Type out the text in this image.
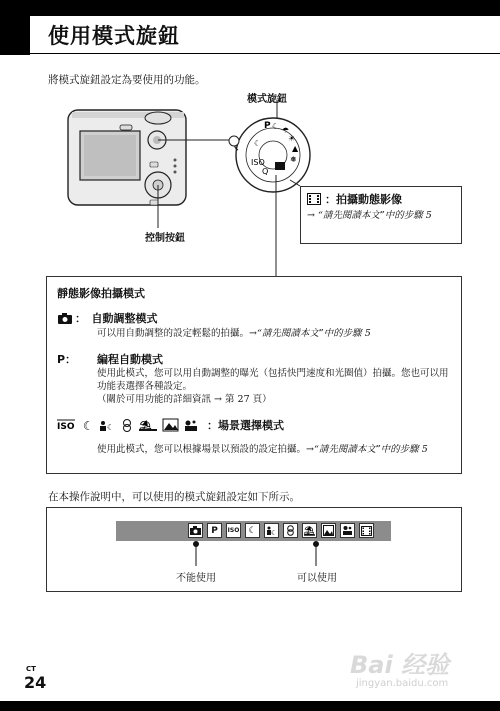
使用模式旋鈕
將模式旋鈕設定為要使用的功能。
P ☾ ☂
☀
▲
❅
Q
ISO
☾
模式旋鈕
控制按鈕
：拍攝動態影像
→ “請先閱讀本文”中的步驟 5
靜態影像拍攝模式
：　自動調整模式
可以用自動調整的設定輕鬆的拍攝。→“請先閱讀本文”中的步驟 5
P：	編程自動模式
使用此模式，您可以用自動調整的曝光（包括快門速度和光圈值）拍攝。您也可以用功能表選擇各種設定。
（關於可用功能的詳細資訊 → 第 27 頁）
ISO ☾ ☾ ⛱	：場景選擇模式
使用此模式，您可以根據場景以預設的設定拍攝。→“請先閱讀本文”中的步驟 5
在本操作說明中，可以使用的模式旋鈕設定如下所示。
P	ISO	☾	☾	⛱
不能使用	可以使用
CT
24
Bai 经验
jingyan.baidu.com
